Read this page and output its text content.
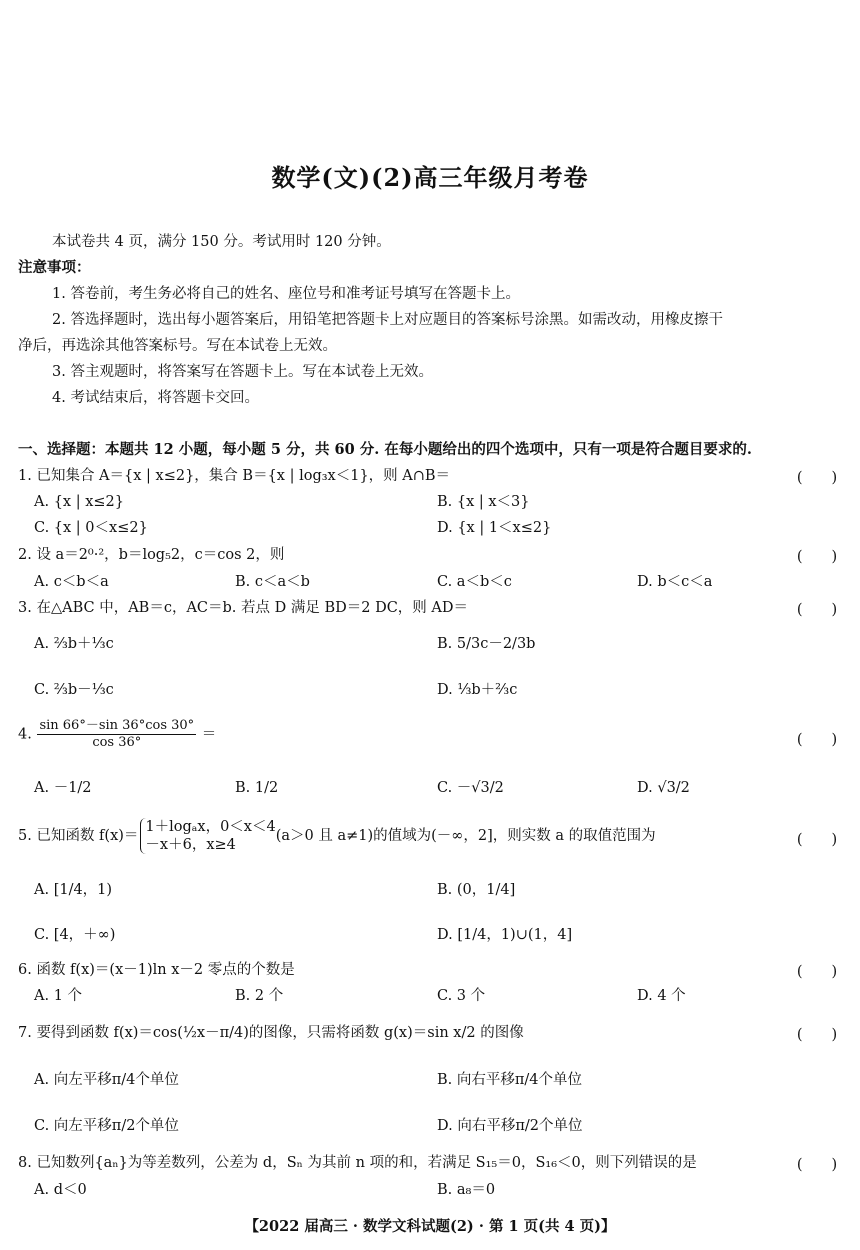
数学(文)(2)高三年级月考卷
本试卷共 4 页，满分 150 分。考试用时 120 分钟。
注意事项：
1. 答卷前，考生务必将自己的姓名、座位号和准考证号填写在答题卡上。
2. 答选择题时，选出每小题答案后，用铅笔把答题卡上对应题目的答案标号涂黑。如需改动，用橡皮擦干
净后，再选涂其他答案标号。写在本试卷上无效。
3. 答主观题时，将答案写在答题卡上。写在本试卷上无效。
4. 考试结束后，将答题卡交回。
一、选择题：本题共 12 小题，每小题 5 分，共 60 分. 在每小题给出的四个选项中，只有一项是符合题目要求的.
1. 已知集合 A＝{x | x≤2}，集合 B＝{x | log₃x＜1}，则 A∩B＝	(　　)
A. {x | x≤2}	B. {x | x＜3}
C. {x | 0＜x≤2}	D. {x | 1＜x≤2}
2. 设 a＝2⁰·²，b＝log₅2，c＝cos 2，则	(　　)
A. c＜b＜a	B. c＜a＜b	C. a＜b＜c	D. b＜c＜a
3. 在△ABC 中，AB＝c，AC＝b. 若点 D 满足 BD＝2 DC，则 AD＝	(　　)
A. ⅔b＋⅓c	B. 5/3c－2/3b
C. ⅔b－⅓c	D. ⅓b＋⅔c
4. $\frac{\sin 66^\circ-\sin 36^\circ\cos 30^\circ}{\cos 36^\circ}$ ＝	(　　)
A. －1/2	B. 1/2	C. －√3/2	D. √3/2
5. 已知函数 f(x)＝
1＋logₐx，0＜x＜4
－x＋6，x≥4
(a＞0 且 a≠1)的值域为(－∞，2]，则实数 a 的取值范围为	(　　)
A. [1/4，1)	B. (0，1/4]
C. [4，＋∞)	D. [1/4，1)∪(1，4]
6. 函数 f(x)＝(x－1)ln x－2 零点的个数是	(　　)
A. 1 个	B. 2 个	C. 3 个	D. 4 个
7. 要得到函数 f(x)＝cos(½x－π/4)的图像，只需将函数 g(x)＝sin x/2 的图像	(　　)
A. 向左平移π/4个单位	B. 向右平移π/4个单位
C. 向左平移π/2个单位	D. 向右平移π/2个单位
8. 已知数列{aₙ}为等差数列，公差为 d，Sₙ 为其前 n 项的和，若满足 S₁₅＝0，S₁₆＜0，则下列错误的是	(　　)
A. d＜0	B. a₈＝0
【2022 届高三 · 数学文科试题(2) · 第 1 页(共 4 页)】
